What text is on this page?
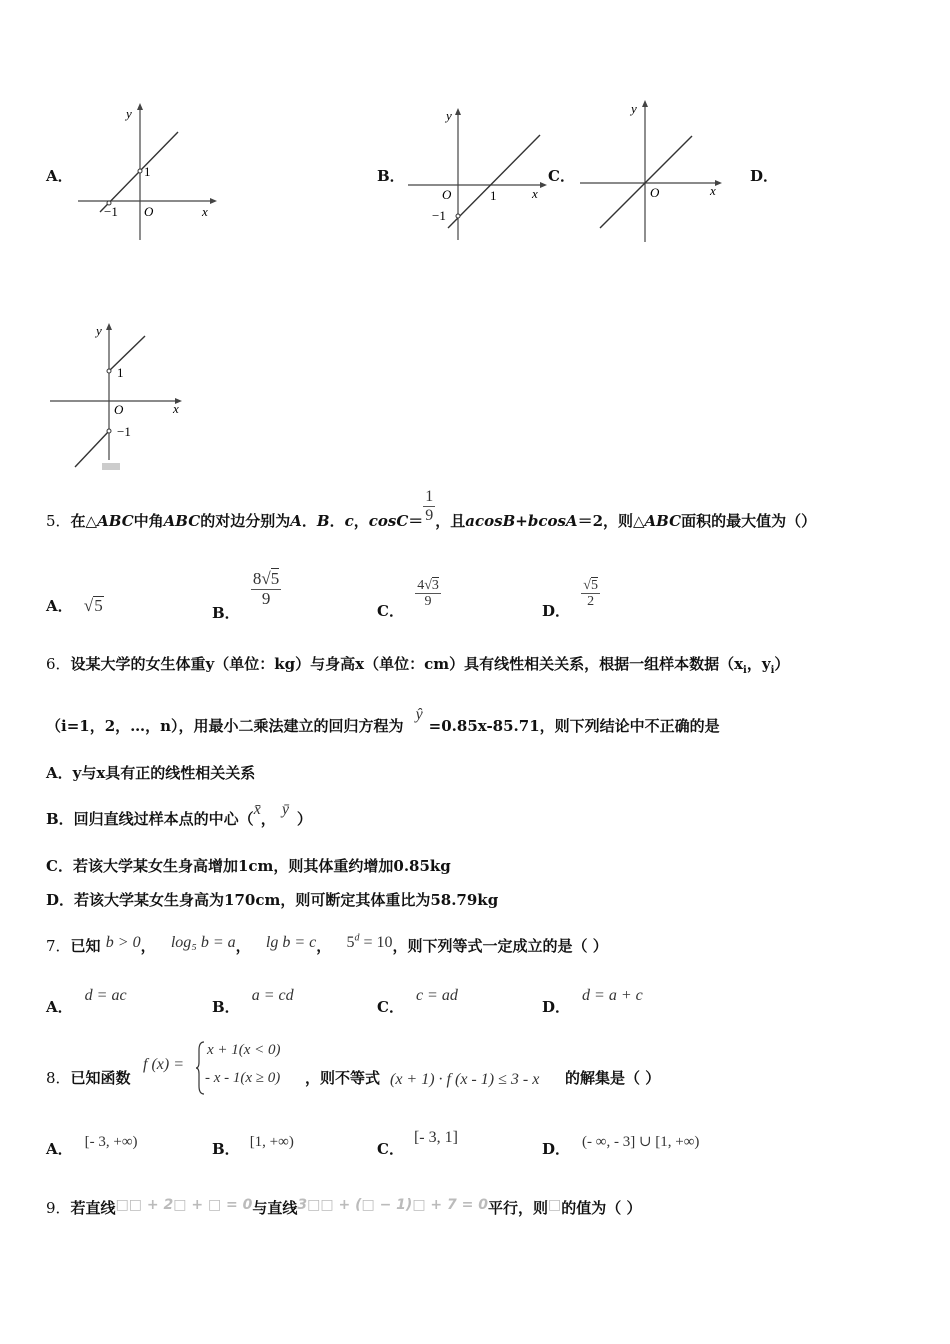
A．
y
x
O
1
−1
B．
y
x
O	1
−1
C．
y
x
O
D．
y
x
O
1
−1
5．在△ABC中角ABC的对边分别为A．B．c，$\cos C= \frac{1}{9}$ ，且acosB+bcosA＝2，则△ABC面积的最大值为（）
A． √ 5	B．
$\frac{8√5}{9}$
C．
$\frac{4√3}{9}$
D．
$\frac{√5}{2}$
6．设某大学的女生体重y（单位：kg）与身高x（单位：cm）具有线性相关关系，根据一组样本数据（$x_i$，$y_i$）
（i=1，2，…，n），用最小二乘法建立的回归方程为ŷ=0.85x-85.71，则下列结论中不正确的是
A．y与x具有正的线性相关关系
B．回归直线过样本点的中心（x̄，ȳ）
C．若该大学某女生身高增加1cm，则其体重约增加0.85kg
D．若该大学某女生身高为170cm，则可断定其体重比为58.79kg
7．已知 b > 0， log₅ b = a， lg b = c， $5^d = 10$，则下列等式一定成立的是（ ）
A．d = ac
B．a = cd
C．c = ad
D．d = a + c
8．已知函数
f (x) =
x + 1(x < 0)
- x - 1(x ≥ 0) ，则不等式 (x + 1) · f (x - 1) ≤ 3 - x 的解集是（ ）
A． [- 3, +∞)	B． [1, +∞)	C．[- 3, 1]
D． (- ∞, - 3] ∪ [1, +∞)
9．若直线□□ + 2□ + □ = 0与直线3□□ + (□ − 1)□ + 7 = 0平行，则□的值为（ ）
